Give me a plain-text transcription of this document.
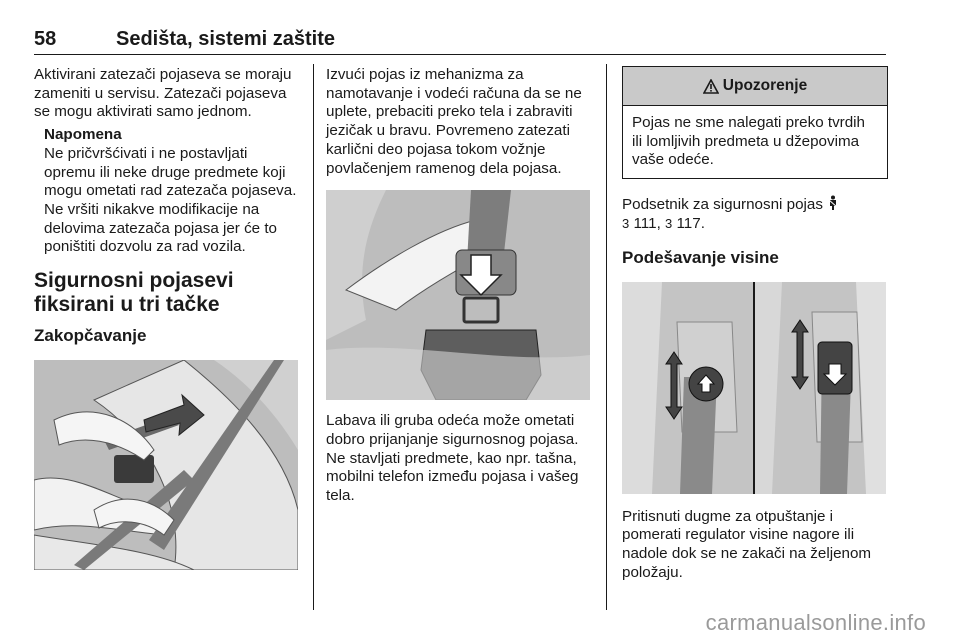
58	Sedišta, sistemi zaštite

Aktivirani zatezači pojaseva se moraju zameniti u servisu. Zatezači pojaseva se mogu aktivirati samo jednom.

Napomena

Ne pričvršćivati i ne postavljati opremu ili neke druge predmete koji mogu ometati rad zatezača pojaseva. Ne vršiti nikakve modifikacije na delovima zatezača pojasa jer će to poništiti dozvolu za rad vozila.

Sigurnosni pojasevi fiksirani u tri tačke
Zakopčavanje

Izvući pojas iz mehanizma za namotavanje i vodeći računa da se ne uplete, prebaciti preko tela i zabraviti jezičak u bravu. Povremeno zatezati karlični deo pojasa tokom vožnje povlačenjem ramenog dela pojasa.

Labava ili gruba odeća može ometati dobro prijanjanje sigurnosnog pojasa. Ne stavljati predmete, kao npr. tašna, mobilni telefon između pojasa i vašeg tela.

Upozorenje
Pojas ne sme nalegati preko tvrdih ili lomljivih predmeta u džepovima vaše odeće.

Podsetnik za sigurnosni pojas
3 111, 3 117.

Podešavanje visine

Pritisnuti dugme za otpuštanje i pomerati regulator visine nagore ili nadole dok se ne zakači na željenom položaju.

carmanualsonline.info
